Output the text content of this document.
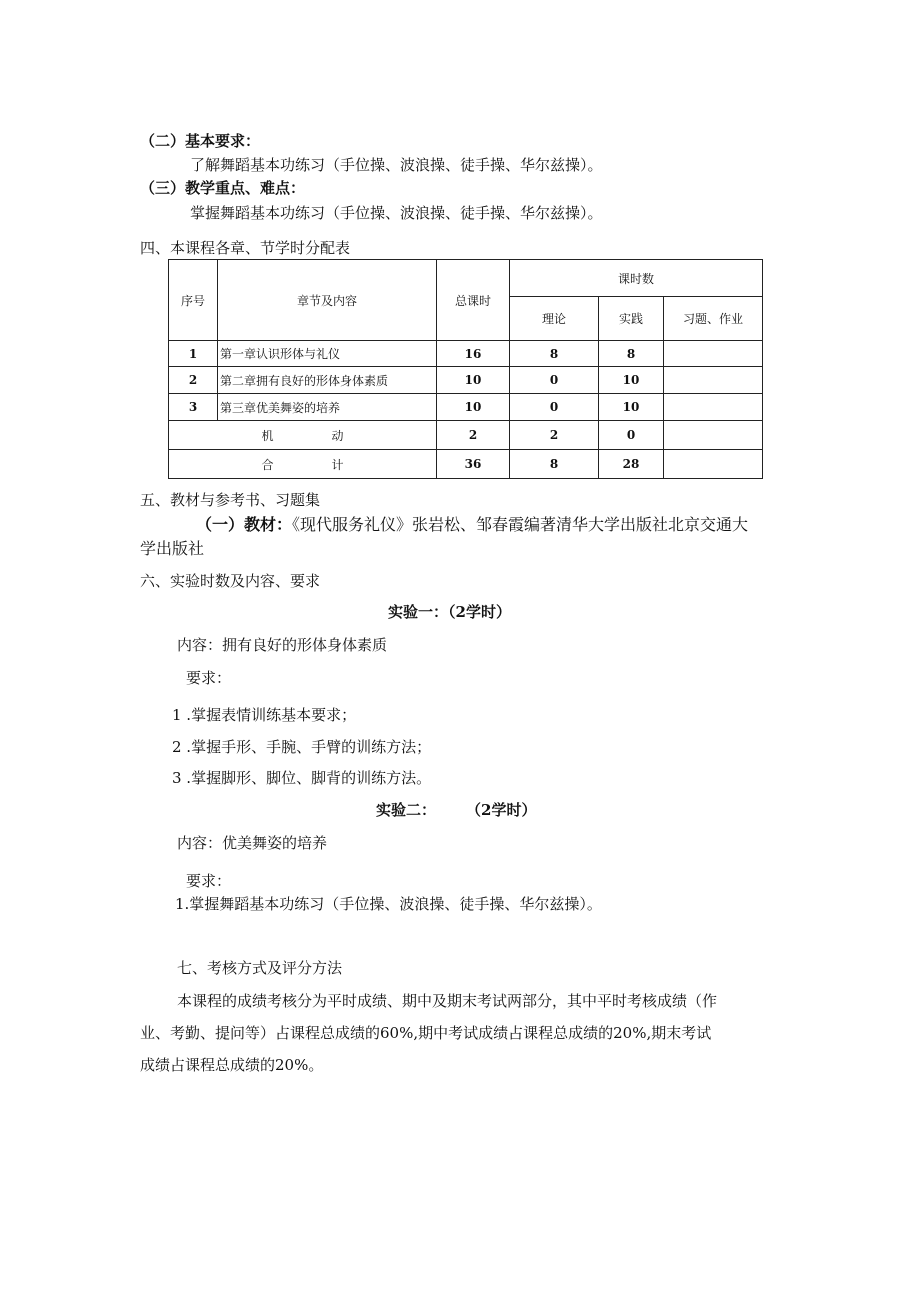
（二）基本要求：
了解舞蹈基本功练习（手位操、波浪操、徒手操、华尔兹操）。
（三）教学重点、难点：
掌握舞蹈基本功练习（手位操、波浪操、徒手操、华尔兹操）。
四、本课程各章、节学时分配表
序号	章节及内容	总课时	课时数		
			理论	实践	习题、作业
1	第一章认识形体与礼仪	16	8	8	
2	第二章拥有良好的形体身体素质	10	0	10	
3	第三章优美舞姿的培养	10	0	10	
机 动		2	2	0	
合 计		36	8	28	
五、教材与参考书、习题集
（一）教材：《现代服务礼仪》张岩松、邹春霞编著清华大学出版社北京交通大
学出版社
六、实验时数及内容、要求
实验一：（2学时）
内容：拥有良好的形体身体素质
要求：
1 .掌握表情训练基本要求；
2 .掌握手形、手腕、手臂的训练方法；
3 .掌握脚形、脚位、脚背的训练方法。
实验二： （2学时）
内容：优美舞姿的培养
要求：
1.掌握舞蹈基本功练习（手位操、波浪操、徒手操、华尔兹操）。
七、考核方式及评分方法
本课程的成绩考核分为平时成绩、期中及期末考试两部分，其中平时考核成绩（作
业、考勤、提问等）占课程总成绩的60%,期中考试成绩占课程总成绩的20%,期末考试
成绩占课程总成绩的20%。
